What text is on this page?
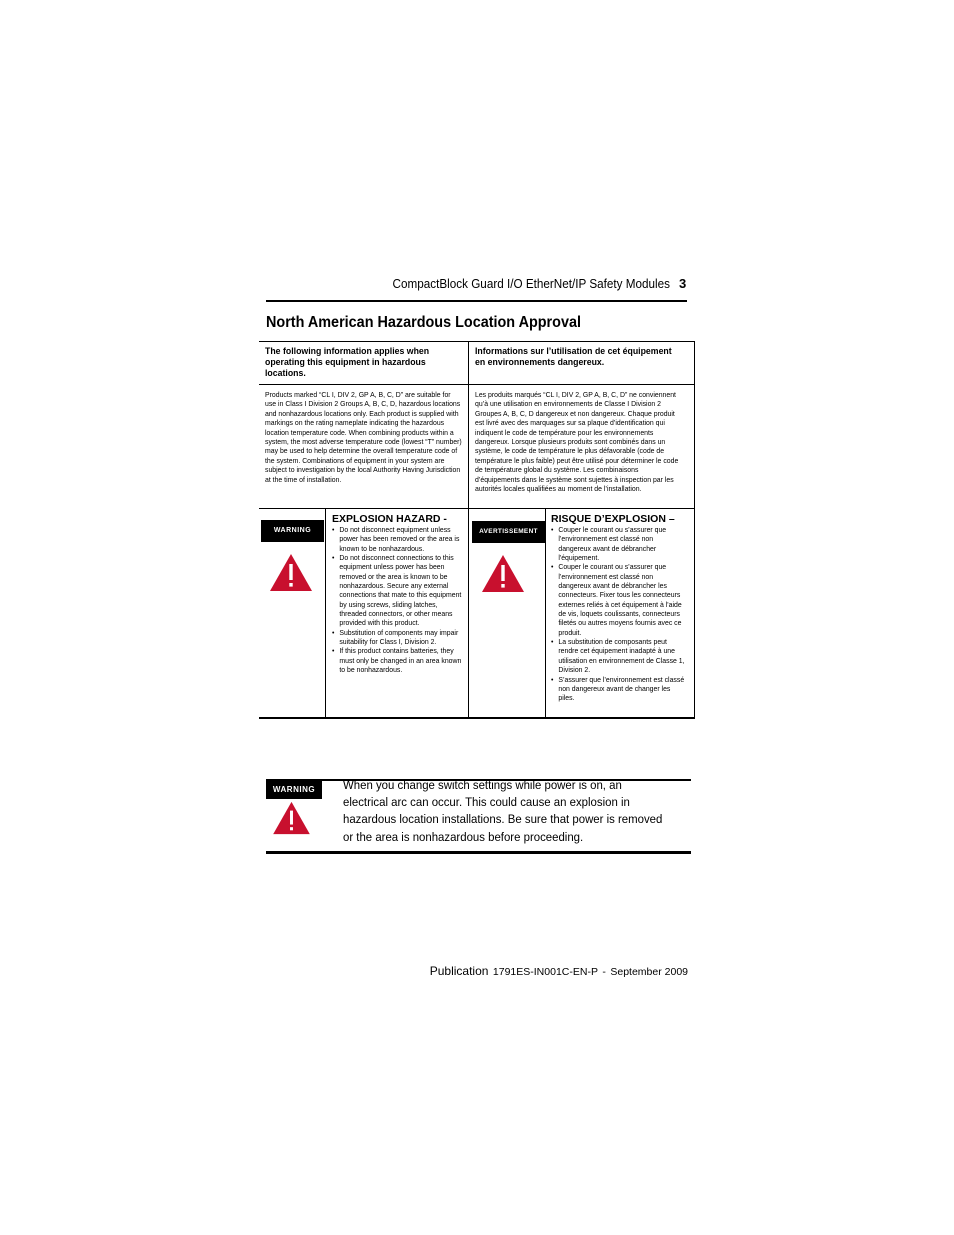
CompactBlock Guard I/O EtherNet/IP Safety Modules 3
North American Hazardous Location Approval
The following information applies when operating this equipment in hazardous locations.
Products marked “CL I, DIV 2, GP A, B, C, D” are suitable for use in Class I Division 2 Groups A, B, C, D, hazardous locations and nonhazardous locations only. Each product is supplied with markings on the rating nameplate indicating the hazardous location temperature code. When combining products within a system, the most adverse temperature code (lowest “T” number) may be used to help determine the overall temperature code of the system. Combinations of equipment in your system are subject to investigation by the local Authority Having Jurisdiction at the time of installation.
WARNING
EXPLOSION HAZARD -
• Do not disconnect equipment unless power has been removed or the area is known to be nonhazardous.
• Do not disconnect connections to this equipment unless power has been removed or the area is known to be nonhazardous. Secure any external connections that mate to this equipment by using screws, sliding latches, threaded connectors, or other means provided with this product.
• Substitution of components may impair suitability for Class I, Division 2.
• If this product contains batteries, they must only be changed in an area known to be nonhazardous.
Informations sur l’utilisation de cet équipement en environnements dangereux.
Les produits marqués “CL I, DIV 2, GP A, B, C, D” ne conviennent qu’à une utilisation en environnements de Classe I Division 2 Groupes A, B, C, D dangereux et non dangereux. Chaque produit est livré avec des marquages sur sa plaque d’identification qui indiquent le code de température pour les environnements dangereux. Lorsque plusieurs produits sont combinés dans un système, le code de température le plus défavorable (code de température le plus faible) peut être utilisé pour déterminer le code de température global du système. Les combinaisons d’équipements dans le système sont sujettes à inspection par les autorités locales qualifiées au moment de l’installation.
AVERTISSEMENT
RISQUE D’EXPLOSION –
• Couper le courant ou s’assurer que l’environnement est classé non dangereux avant de débrancher l'équipement.
• Couper le courant ou s’assurer que l’environnement est classé non dangereux avant de débrancher les connecteurs. Fixer tous les connecteurs externes reliés à cet équipement à l'aide de vis, loquets coulissants, connecteurs filetés ou autres moyens fournis avec ce produit.
• La substitution de composants peut rendre cet équipement inadapté à une utilisation en environnement de Classe 1, Division 2.
• S’assurer que l’environnement est classé non dangereux avant de changer les piles.
WARNING	When you change switch settings while power is on, an electrical arc can occur. This could cause an explosion in hazardous location installations. Be sure that power is removed or the area is nonhazardous before proceeding.
Publication 1791ES-IN001C-EN-P - September 2009
